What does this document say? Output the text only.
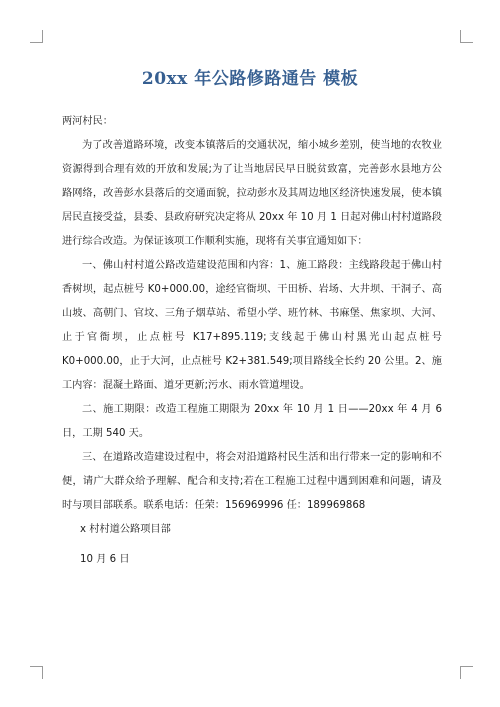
20xx 年公路修路通告 模板

两河村民：

为了改善道路环境，改变本镇落后的交通状况，缩小城乡差别，使当地的农牧业资源得到合理有效的开放和发展;为了让当地居民早日脱贫致富，完善彭水县地方公路网络，改善彭水县落后的交通面貌，拉动彭水及其周边地区经济快速发展，使本镇居民直接受益，县委、县政府研究决定将从 20xx 年 10 月 1 日起对佛山村村道路段进行综合改造。为保证该项工作顺利实施，现将有关事宜通知如下：

一、佛山村村道公路改造建设范围和内容：1、施工路段：主线路段起于佛山村香树坝，起点桩号 K0+000.00，途经官衙坝、干田桥、岩场、大井坝、干洞子、高山坡、高朝门、官坟、三角子烟草站、希望小学、班竹林、书麻堡、焦家坝、大河、止于官衙坝，止点桩号 K17+895.119;支线起于佛山村黑光山起点桩号 K0+000.00，止于大河，止点桩号 K2+381.549;项目路线全长约 20 公里。2、施工内容：混凝土路面、道牙更新;污水、雨水管道埋设。

二、施工期限：改造工程施工期限为 20xx 年 10 月 1 日——20xx 年 4 月 6 日，工期 540 天。

三、在道路改造建设过程中，将会对沿道路村民生活和出行带来一定的影响和不便，请广大群众给予理解、配合和支持;若在工程施工过程中遇到困难和问题，请及时与项目部联系。联系电话：任荣：156969996 任：189969868

x 村村道公路项目部

10 月 6 日
